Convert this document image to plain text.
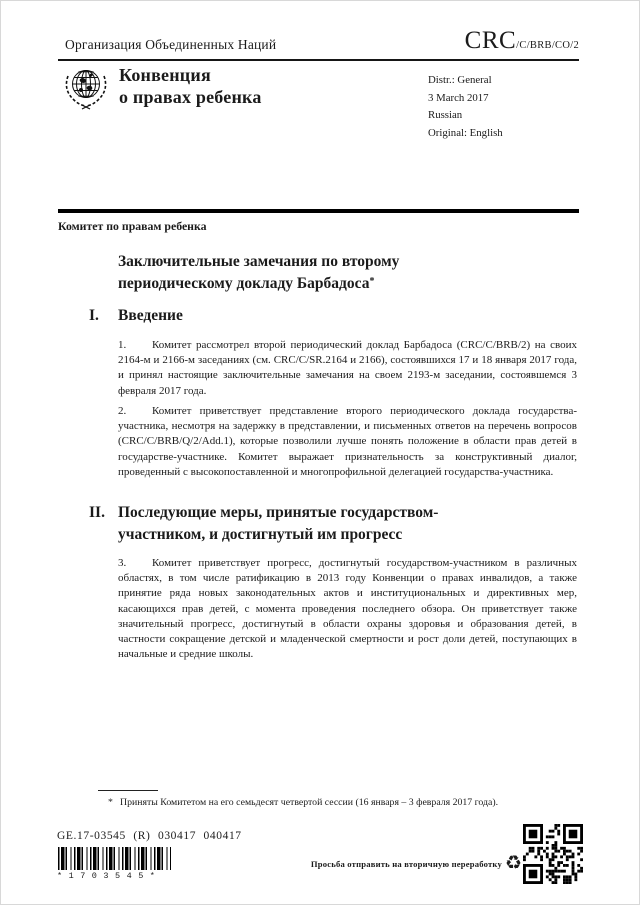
Организация Объединенных Наций	CRC/C/BRB/CO/2
Конвенция
о правах ребенка
Distr.: General
3 March 2017
Russian
Original: English
Комитет по правам ребенка
Заключительные замечания по второму
периодическому докладу Барбадоса*
I. Введение
1. Комитет рассмотрел второй периодический доклад Барбадоса (CRC/C/BRB/2) на своих 2164-м и 2166-м заседаниях (см. CRC/C/SR.2164 и 2166), состоявшихся 17 и 18 января 2017 года, и принял настоящие заключительные замечания на своем 2193-м заседании, состоявшемся 3 февраля 2017 года.
2. Комитет приветствует представление второго периодического доклада государства-участника, несмотря на задержку в представлении, и письменных ответов на перечень вопросов (CRC/C/BRB/Q/2/Add.1), которые позволили лучше понять положение в области прав детей в государстве-участнике. Комитет выражает признательность за конструктивный диалог, проведенный с высокопоставленной и многопрофильной делегацией государства-участника.
II. Последующие меры, принятые государством-участником, и достигнутый им прогресс
3. Комитет приветствует прогресс, достигнутый государством-участником в различных областях, в том числе ратификацию в 2013 году Конвенции о правах инвалидов, а также принятие ряда новых законодательных актов и институциональных и директивных мер, касающихся прав детей, с момента проведения последнего обзора. Он приветствует также значительный прогресс, достигнутый в области охраны здоровья и образования детей, в частности сокращение детской и младенческой смертности и рост доли детей, поступающих в начальные и средние школы.
* Приняты Комитетом на его семьдесят четвертой сессии (16 января – 3 февраля 2017 года).
GE.17-03545 (R) 030417 040417
*1703545*
Просьба отправить на вторичную переработку ♻
